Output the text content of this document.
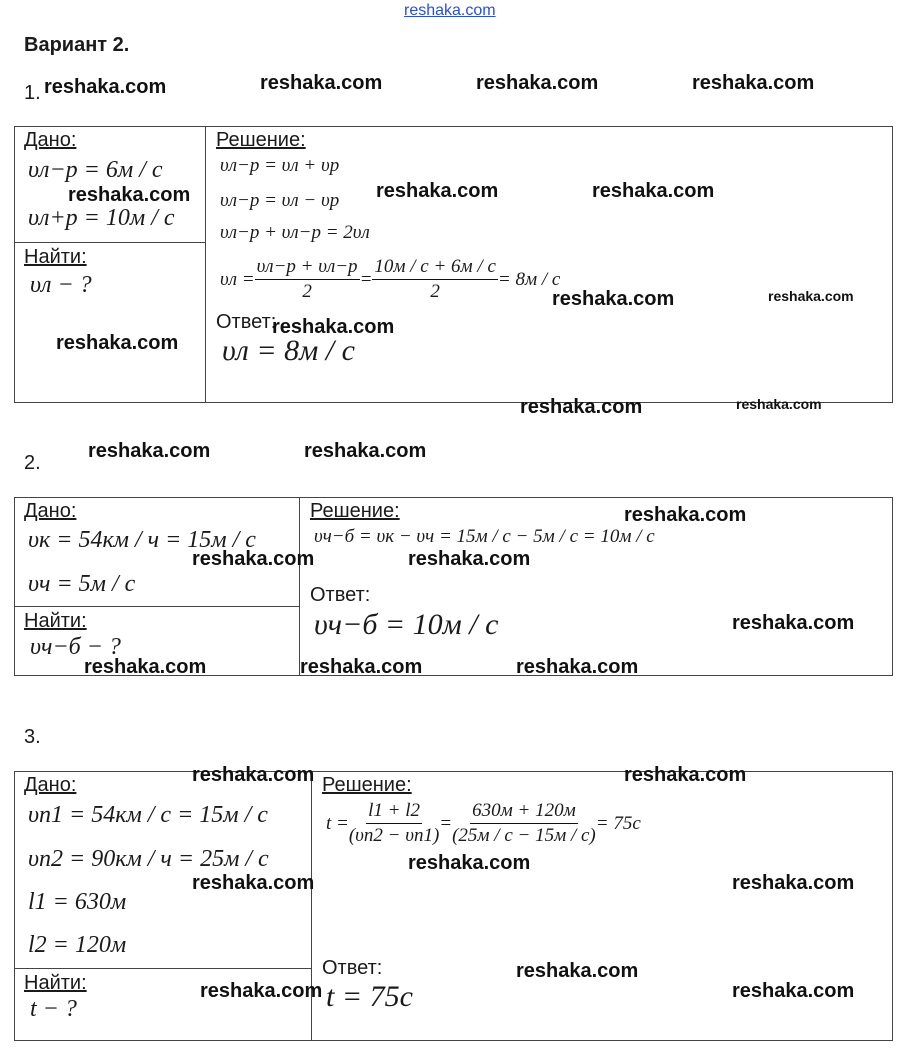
reshaka.com
Вариант 2.
1. reshaka.com	reshaka.com	reshaka.com	reshaka.com
Дано:
υл−р = 6м / с
υл+р = 10м / с
reshaka.com
Найти:
υл − ?
reshaka.com
Решение:
υл−р = υл + υр
υл−р = υл − υр
υл−р + υл−р = 2υл
$\upsilon л = \frac{\upsilon л-р + \upsilon л-р}{2} = \frac{10м / с + 6м / с}{2} = 8м / с$
reshaka.com	reshaka.com
reshaka.com	reshaka.com
Ответ:
reshaka.com
υл = 8м / с
reshaka.com	reshaka.com
2.
reshaka.com	reshaka.com
Дано:
υк = 54км / ч = 15м / с
υч = 5м / с
reshaka.com
Найти:
υч−б − ?
reshaka.com
Решение:
υч−б = υк − υч = 15м / с − 5м / с = 10м / с
reshaka.com
reshaka.com
Ответ:
υч−б = 10м / с	reshaka.com
reshaka.com	reshaka.com
3.
Дано:	reshaka.com
υп1 = 54км / с = 15м / с
υп2 = 90км / ч = 25м / с
reshaka.com
l1 = 630м
l2 = 120м
Найти:
t − ?
reshaka.com
Решение:	reshaka.com
$t = \frac{l1 + l2}{(\upsilon п2 - \upsilon п1)} = \frac{630м + 120м}{(25м / с - 15м / с)} = 75с$
reshaka.com
reshaka.com
Ответ:	reshaka.com
t = 75с	reshaka.com
